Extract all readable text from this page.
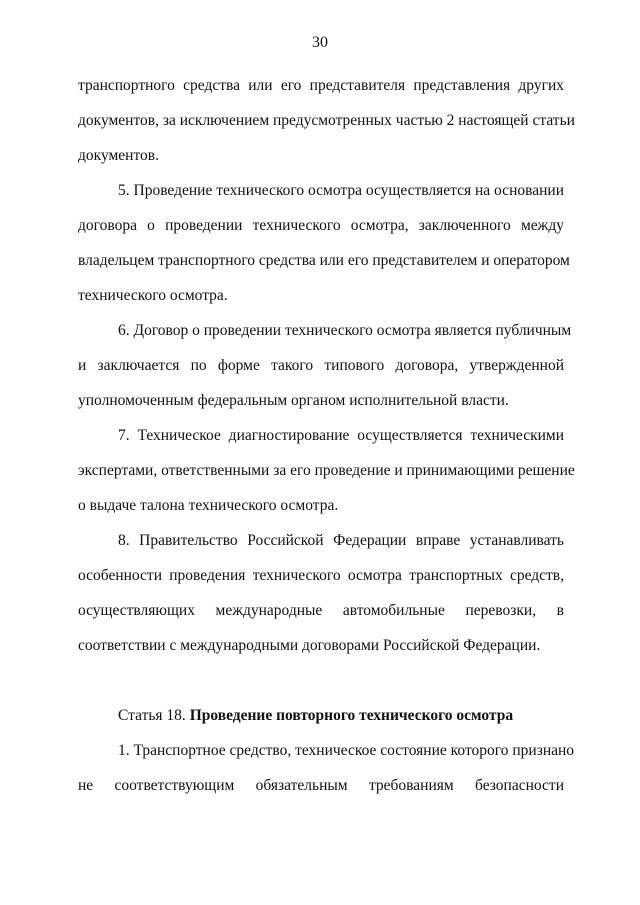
30
транспортного средства или его представителя представления других
документов, за исключением предусмотренных частью 2 настоящей статьи
документов.
5. Проведение технического осмотра осуществляется на основании
договора о проведении технического осмотра, заключенного между
владельцем транспортного средства или его представителем и оператором
технического осмотра.
6. Договор о проведении технического осмотра является публичным
и заключается по форме такого типового договора, утвержденной
уполномоченным федеральным органом исполнительной власти.
7. Техническое диагностирование осуществляется техническими
экспертами, ответственными за его проведение и принимающими решение
о выдаче талона технического осмотра.
8. Правительство Российской Федерации вправе устанавливать
особенности проведения технического осмотра транспортных средств,
осуществляющих международные автомобильные перевозки, в
соответствии с международными договорами Российской Федерации.
Статья 18. Проведение повторного технического осмотра
1. Транспортное средство, техническое состояние которого признано
не соответствующим обязательным требованиям безопасности
